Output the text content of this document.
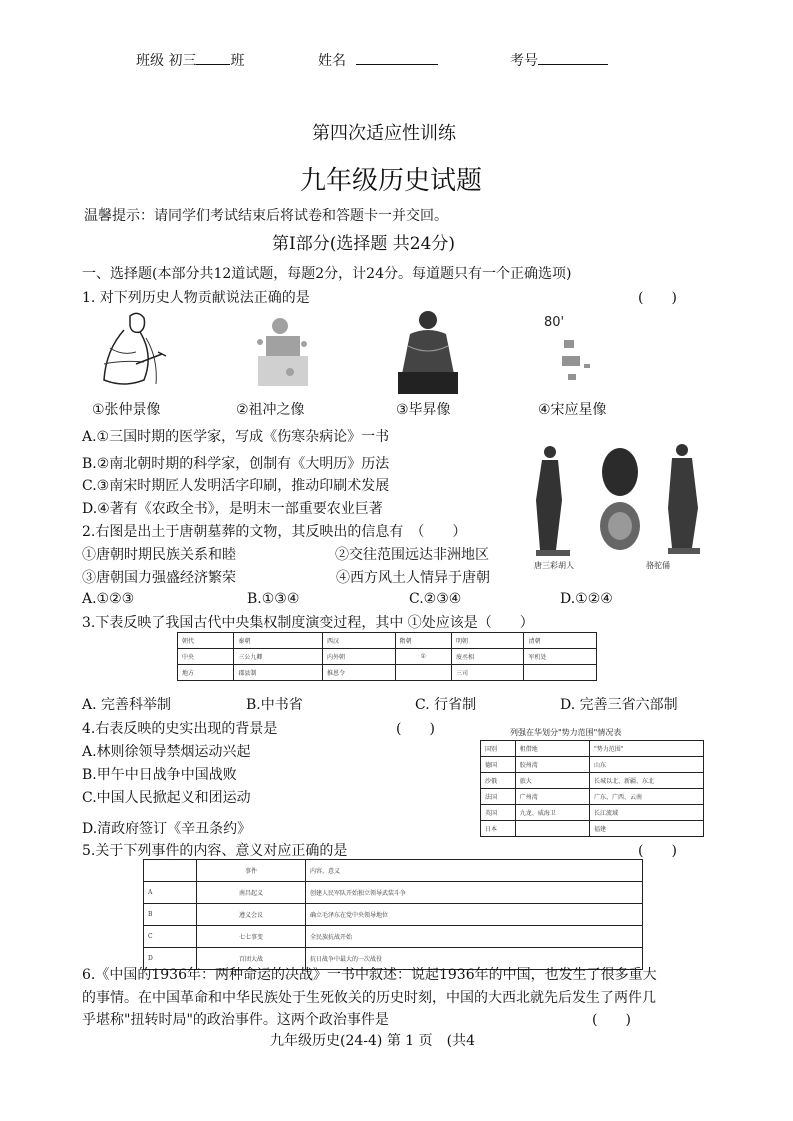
班级 初三 班	姓名	考号
第四次适应性训练
九年级历史试题
温馨提示：请同学们考试结束后将试卷和答题卡一并交回。
第Ⅰ部分(选择题 共24分)
一、选择题(本部分共12道试题，每题2分，计24分。每道题只有一个正确选项)
1. 对下列历史人物贡献说法正确的是	(　　)
80'
①张仲景像	②祖冲之像	③毕昇像	④宋应星像
A.①三国时期的医学家，写成《伤寒杂病论》一书
B.②南北朝时期的科学家，创制有《大明历》历法
C.③南宋时期匠人发明活字印刷，推动印刷术发展
D.④著有《农政全书》，是明末一部重要农业巨著
唐三彩胡人　　　　　　　　　骆驼俑
2.右图是出土于唐朝墓葬的文物，其反映出的信息有　（　　）
①唐朝时期民族关系和睦	②交往范围远达非洲地区
③唐朝国力强盛经济繁荣	④西方风土人情异于唐朝
A.①②③	B.①③④	C.②③④	D.①②④
3.下表反映了我国古代中央集权制度演变过程，其中 ①处应该是（　　）
朝代	秦朝	西汉	隋朝	明朝	清朝
中央	三公九卿	内外朝	①	废丞相	军机处
地方	郡县制	推恩令		三司	
A. 完善科举制	B.中书省	C. 行省制	D. 完善三省六部制
4.右表反映的史实出现的背景是	(　　)
A.林则徐领导禁烟运动兴起
B.甲午中日战争中国战败
C.中国人民掀起义和团运动
D.清政府签订《辛丑条约》
列强在华划分"势力范围"情况表
国别	租借地	"势力范围"
德国	胶州湾	山东
沙俄	旅大	长城以北、新疆、东北
法国	广州湾	广东、广西、云南
英国	九龙、威海卫	长江流域
日本		福建
5.关于下列事件的内容、意义对应正确的是	(　　)
	事件	内容、意义
A	南昌起义	创建人民军队开始独立领导武装斗争
B	遵义会议	确立毛泽东在党中央领导地位
C	七七事变	全民族抗战开始
D	百团大战	抗日战争中最大的一次战役
6.《中国的1936年：两种命运的决战》一书中叙述：说起1936年的中国，也发生了很多重大
的事情。在中国革命和中华民族处于生死攸关的历史时刻，中国的大西北就先后发生了两件几
乎堪称"扭转时局"的政治事件。这两个政治事件是	(　　)
九年级历史(24-4) 第 1 页　(共4
